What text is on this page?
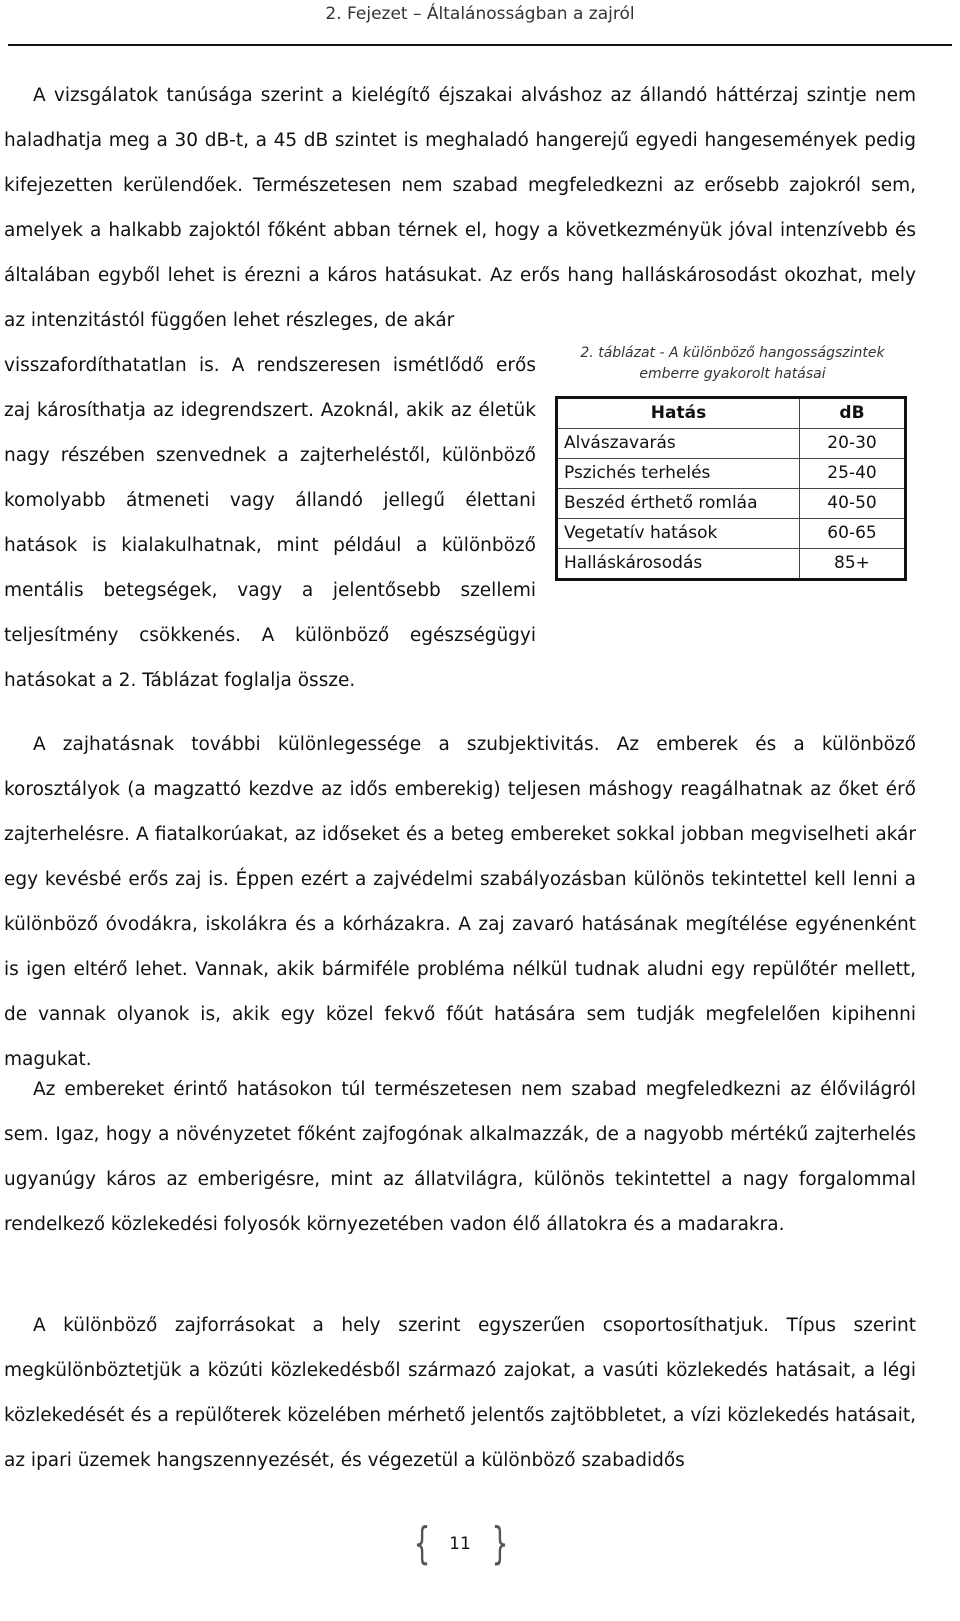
2. Fejezet – Általánosságban a zajról

A vizsgálatok tanúsága szerint a kielégítő éjszakai alváshoz az állandó háttérzaj szintje nem haladhatja meg a 30 dB-t, a 45 dB szintet is meghaladó hangerejű egyedi hangesemények pedig kifejezetten kerülendőek. Természetesen nem szabad megfeledkezni az erősebb zajokról sem, amelyek a halkabb zajoktól főként abban térnek el, hogy a következményük jóval intenzívebb és általában egyből lehet is érezni a káros hatásukat. Az erős hang halláskárosodást okozhat, mely az intenzitástól függően lehet részleges, de akár

visszafordíthatatlan is. A rendszeresen ismétlődő erős zaj károsíthatja az idegrendszert. Azoknál, akik az életük nagy részében szenvednek a zajterheléstől, különböző komolyabb átmeneti vagy állandó jellegű élettani hatások is kialakulhatnak, mint például a különböző mentális betegségek, vagy a jelentősebb szellemi teljesítmény csökkenés. A különböző egészségügyi hatásokat a 2. Táblázat foglalja össze.

2. táblázat - A különböző hangosságszintek emberre gyakorolt hatásai
Hatás	dB
Alvászavarás	20-30
Pszichés terhelés	25-40
Beszéd érthető romláa	40-50
Vegetatív hatások	60-65
Halláskárosodás	85+

A zajhatásnak további különlegessége a szubjektivitás. Az emberek és a különböző korosztályok (a magzattó kezdve az idős emberekig) teljesen máshogy reagálhatnak az őket érő zajterhelésre. A fiatalkorúakat, az időseket és a beteg embereket sokkal jobban megviselheti akár egy kevésbé erős zaj is. Éppen ezért a zajvédelmi szabályozásban különös tekintettel kell lenni a különböző óvodákra, iskolákra és a kórházakra. A zaj zavaró hatásának megítélése egyénenként is igen eltérő lehet. Vannak, akik bármiféle probléma nélkül tudnak aludni egy repülőtér mellett, de vannak olyanok is, akik egy közel fekvő főút hatására sem tudják megfelelően kipihenni magukat.

Az embereket érintő hatásokon túl természetesen nem szabad megfeledkezni az élővilágról sem. Igaz, hogy a növényzetet főként zajfogónak alkalmazzák, de a nagyobb mértékű zajterhelés ugyanúgy káros az emberigésre, mint az állatvilágra, különös tekintettel a nagy forgalommal rendelkező közlekedési folyosók környezetében vadon élő állatokra és a madarakra.

A különböző zajforrásokat a hely szerint egyszerűen csoportosíthatjuk. Típus szerint megkülönböztetjük a közúti közlekedésből származó zajokat, a vasúti közlekedés hatásait, a légi közlekedését és a repülőterek közelében mérhető jelentős zajtöbbletet, a vízi közlekedés hatásait, az ipari üzemek hangszennyezését, és végezetül a különböző szabadidős

{	11 }
